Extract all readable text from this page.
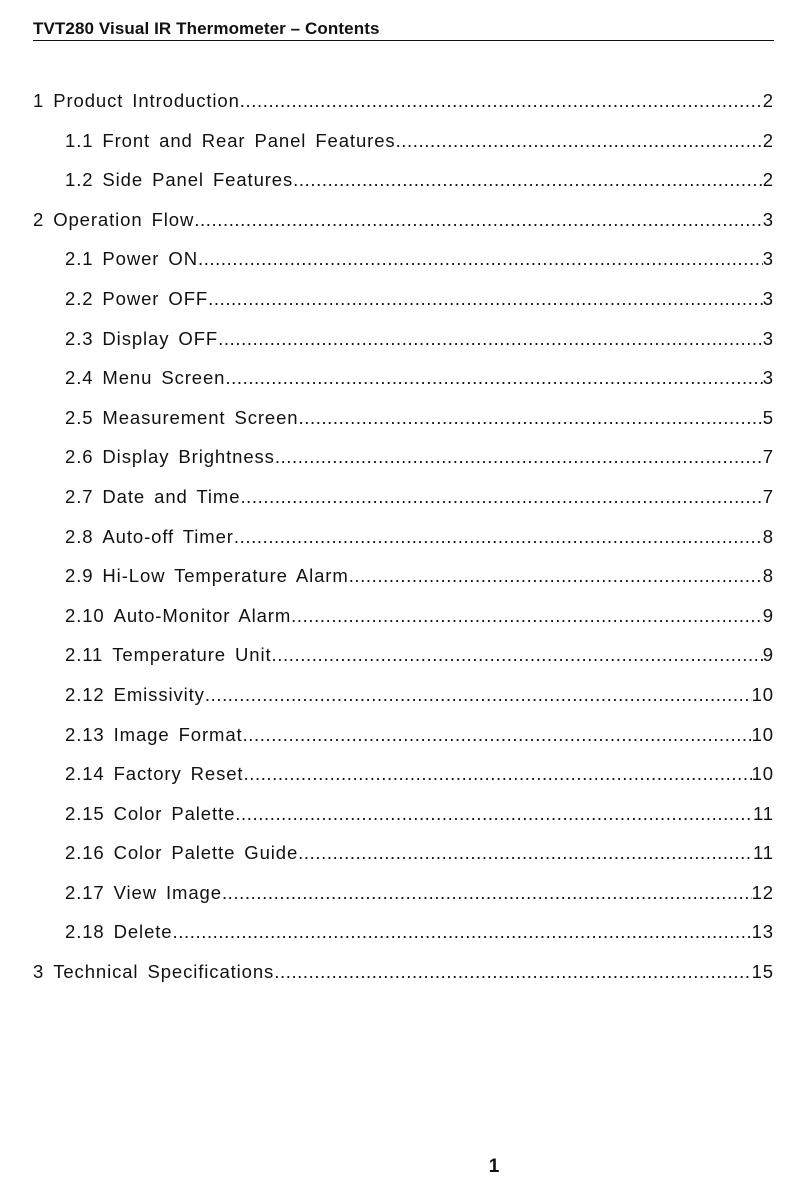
TVT280 Visual IR Thermometer – Contents
1 Product Introduction .....	2
1.1 Front and Rear Panel Features .....	2
1.2 Side Panel Features .....	2
2 Operation Flow .....	3
2.1 Power ON .....	3
2.2 Power OFF .....	3
2.3 Display OFF .....	3
2.4 Menu Screen .....	3
2.5 Measurement Screen .....	5
2.6 Display Brightness .....	7
2.7 Date and Time .....	7
2.8 Auto-off Timer .....	8
2.9 Hi-Low Temperature Alarm .....	8
2.10 Auto-Monitor Alarm .....	9
2.11 Temperature Unit .....	9
2.12 Emissivity .....	10
2.13 Image Format .....	10
2.14 Factory Reset .....	10
2.15 Color Palette .....	11
2.16 Color Palette Guide .....	11
2.17 View Image .....	12
2.18 Delete .....	13
3 Technical Specifications .....	15
1
